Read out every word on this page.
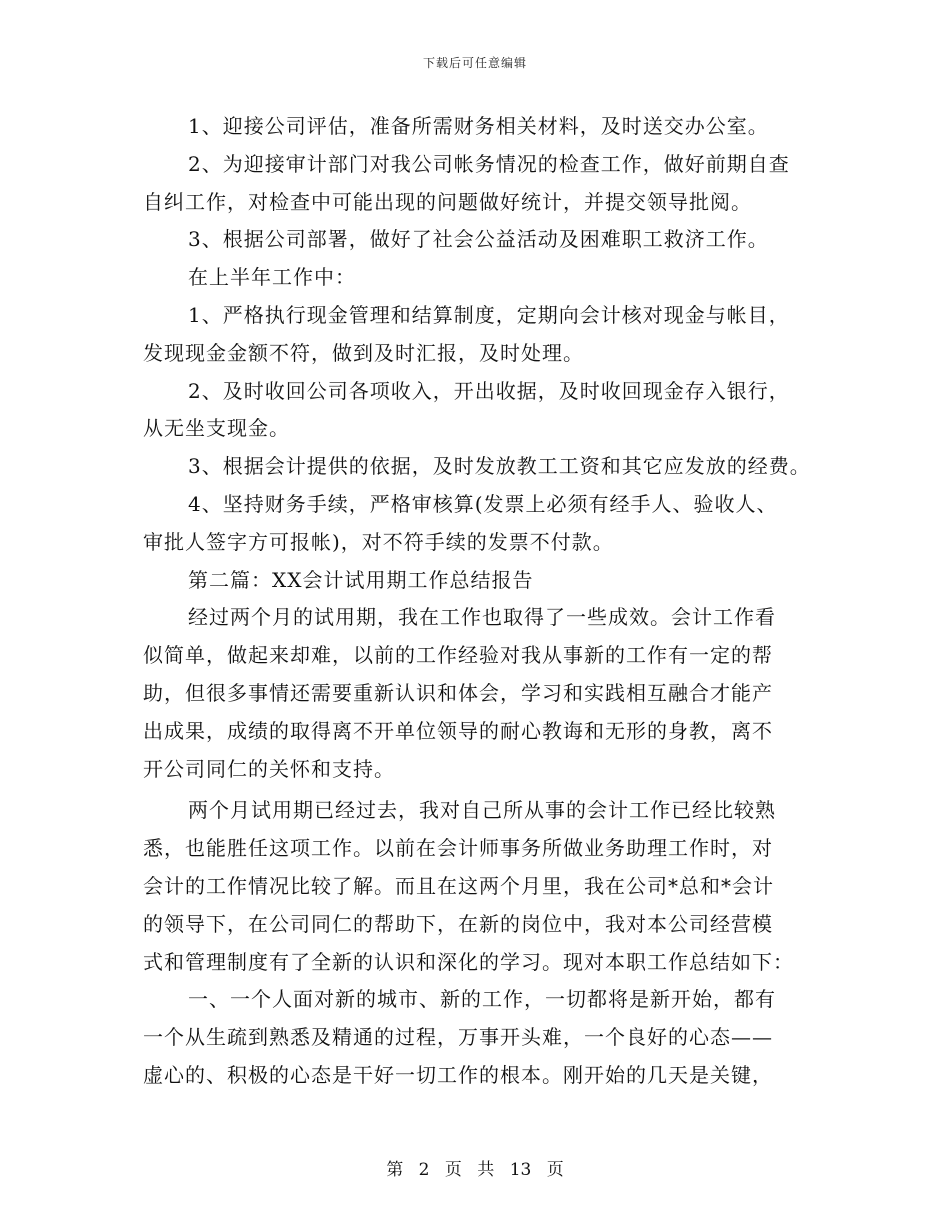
下载后可任意编辑
1、迎接公司评估，准备所需财务相关材料，及时送交办公室。
2、为迎接审计部门对我公司帐务情况的检查工作，做好前期自查
自纠工作，对检查中可能出现的问题做好统计，并提交领导批阅。
3、根据公司部署，做好了社会公益活动及困难职工救济工作。
在上半年工作中：
1、严格执行现金管理和结算制度，定期向会计核对现金与帐目，
发现现金金额不符，做到及时汇报，及时处理。
2、及时收回公司各项收入，开出收据，及时收回现金存入银行，
从无坐支现金。
3、根据会计提供的依据，及时发放教工工资和其它应发放的经费。
4、坚持财务手续，严格审核算(发票上必须有经手人、验收人、
审批人签字方可报帐)，对不符手续的发票不付款。
第二篇：XX会计试用期工作总结报告
经过两个月的试用期，我在工作也取得了一些成效。会计工作看
似简单，做起来却难，以前的工作经验对我从事新的工作有一定的帮
助，但很多事情还需要重新认识和体会，学习和实践相互融合才能产
出成果，成绩的取得离不开单位领导的耐心教诲和无形的身教，离不
开公司同仁的关怀和支持。
两个月试用期已经过去，我对自己所从事的会计工作已经比较熟
悉，也能胜任这项工作。以前在会计师事务所做业务助理工作时，对
会计的工作情况比较了解。而且在这两个月里，我在公司*总和*会计
的领导下，在公司同仁的帮助下，在新的岗位中，我对本公司经营模
式和管理制度有了全新的认识和深化的学习。现对本职工作总结如下：
一、一个人面对新的城市、新的工作，一切都将是新开始，都有
一个从生疏到熟悉及精通的过程，万事开头难，一个良好的心态——
虚心的、积极的心态是干好一切工作的根本。刚开始的几天是关键，
第 2 页 共 13 页
